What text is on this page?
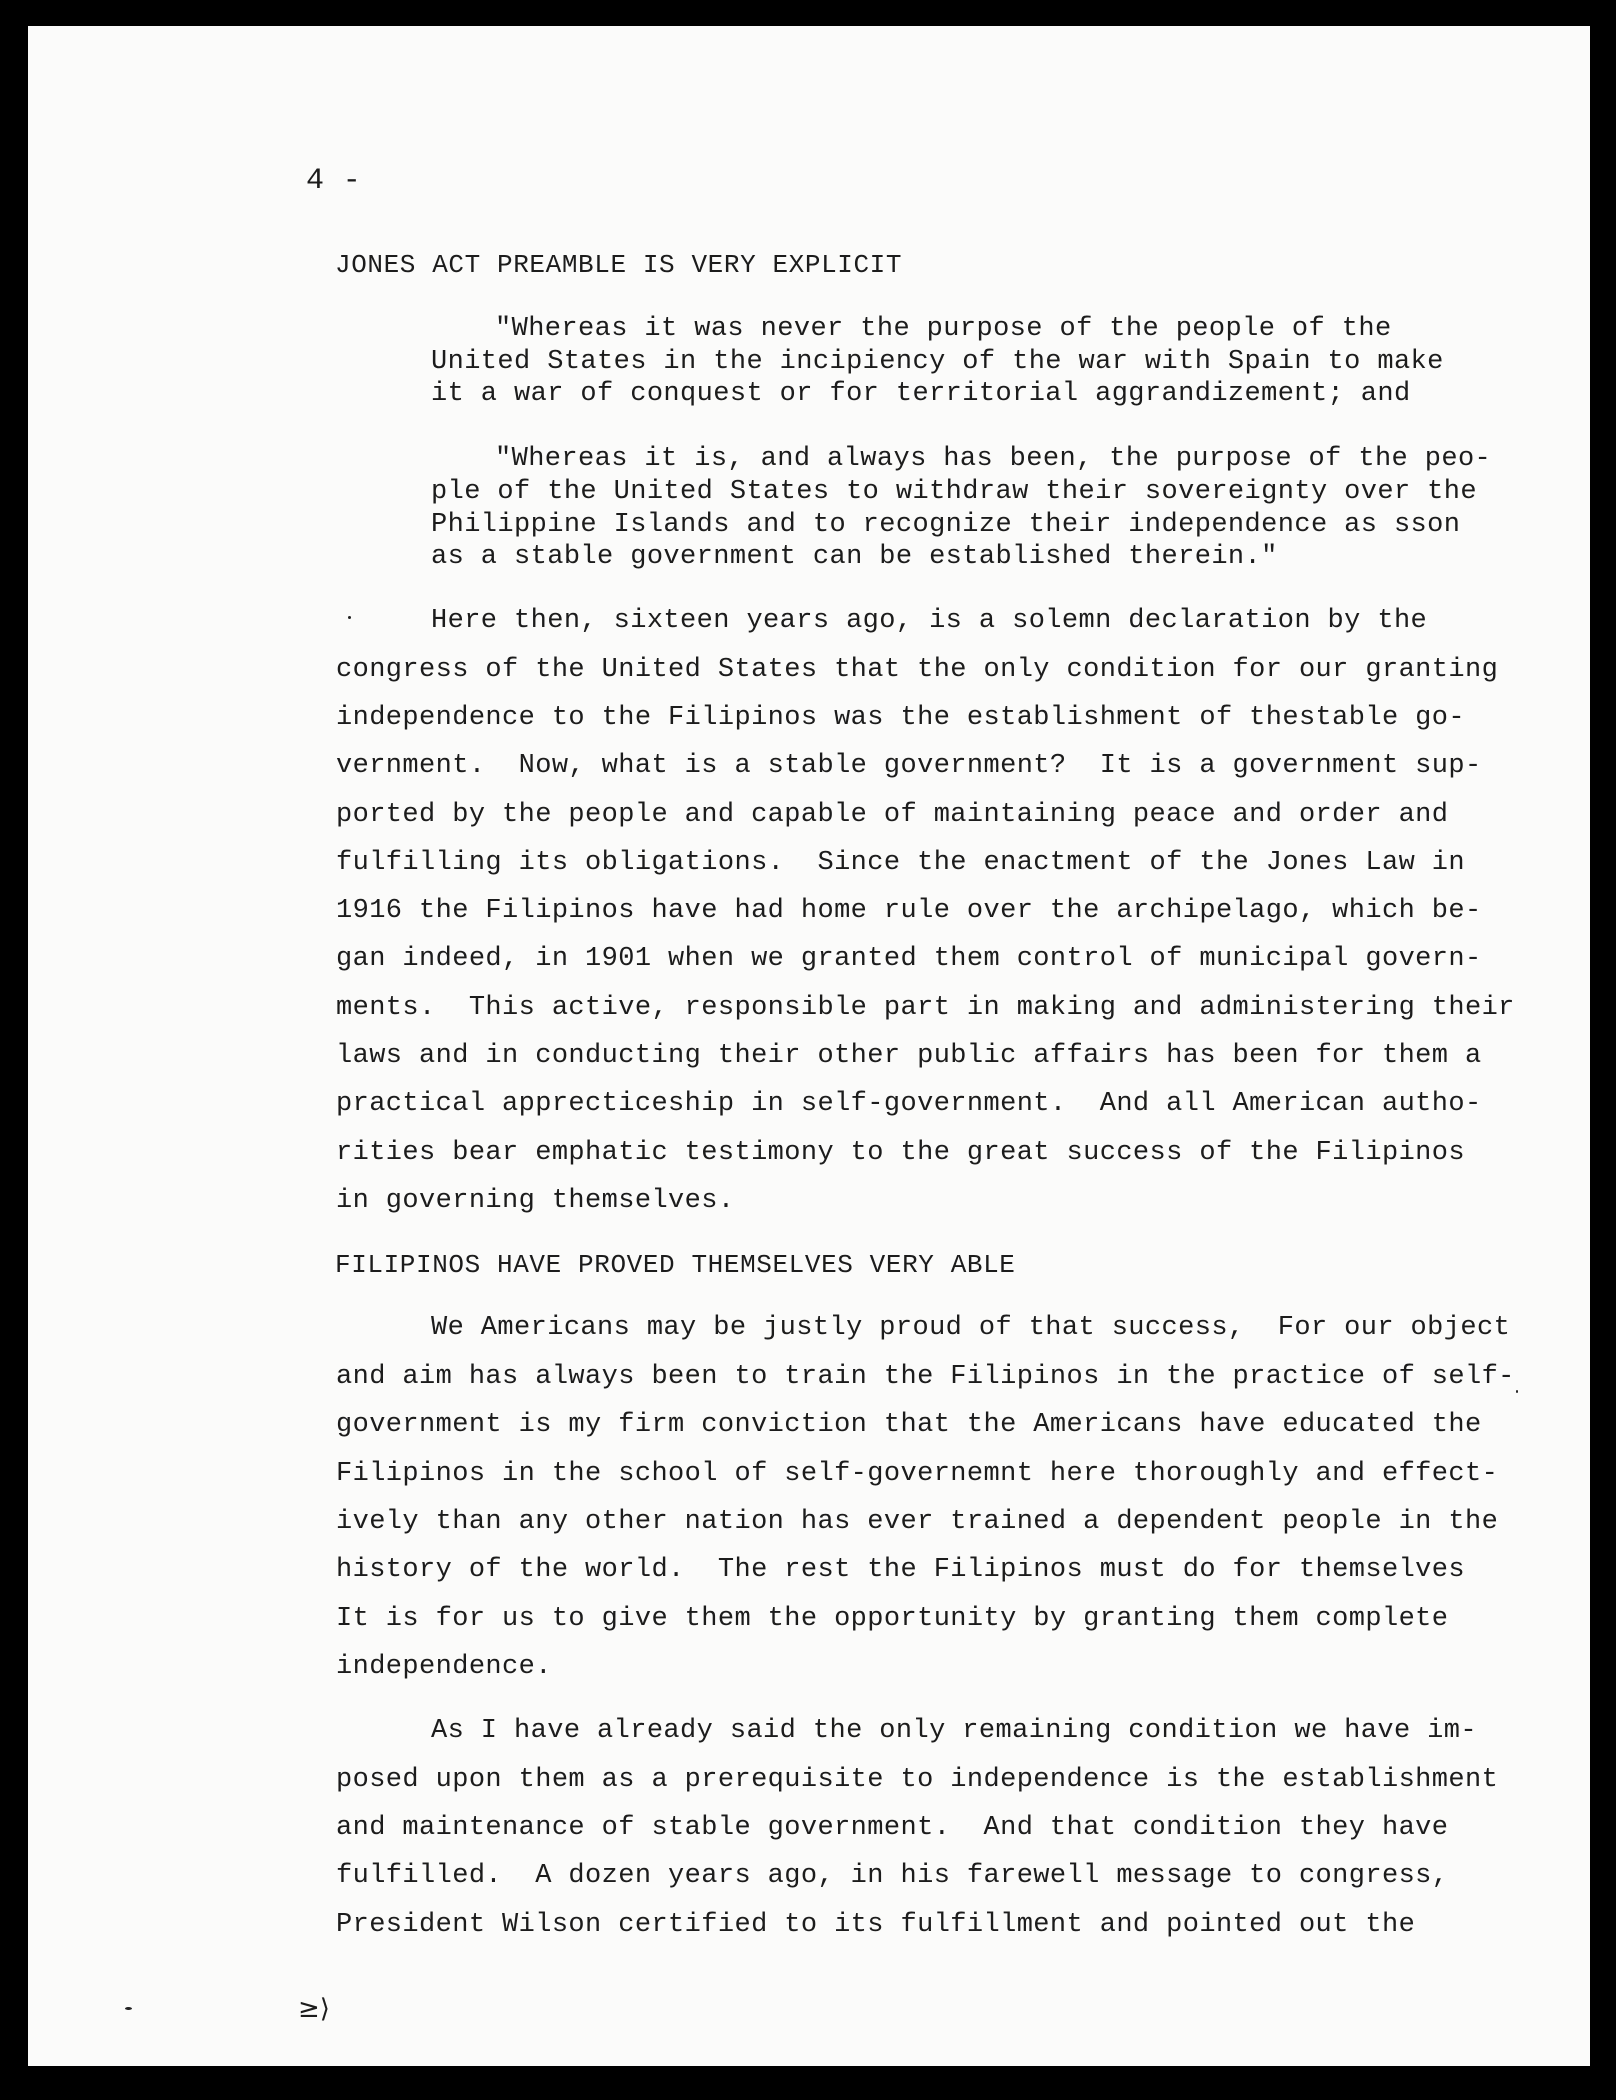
4 -
JONES ACT PREAMBLE IS VERY EXPLICIT
"Whereas it was never the purpose of the people of the
United States in the incipiency of the war with Spain to make
it a war of conquest or for territorial aggrandizement; and
"Whereas it is, and always has been, the purpose of the peo-
ple of the United States to withdraw their sovereignty over the
Philippine Islands and to recognize their independence as sson
as a stable government can be established therein."
Here then, sixteen years ago, is a solemn declaration by the
congress of the United States that the only condition for our granting
independence to the Filipinos was the establishment of thestable go-
vernment.  Now, what is a stable government?  It is a government sup-
ported by the people and capable of maintaining peace and order and
fulfilling its obligations.  Since the enactment of the Jones Law in
1916 the Filipinos have had home rule over the archipelago, which be-
gan indeed, in 1901 when we granted them control of municipal govern-
ments.  This active, responsible part in making and administering their
laws and in conducting their other public affairs has been for them a
practical apprecticeship in self-government.  And all American autho-
rities bear emphatic testimony to the great success of the Filipinos
in governing themselves.
FILIPINOS HAVE PROVED THEMSELVES VERY ABLE
We Americans may be justly proud of that success,  For our object
and aim has always been to train the Filipinos in the practice of self-
government is my firm conviction that the Americans have educated the
Filipinos in the school of self-governemnt here thoroughly and effect-
ively than any other nation has ever trained a dependent people in the
history of the world.  The rest the Filipinos must do for themselves
It is for us to give them the opportunity by granting them complete
independence.
As I have already said the only remaining condition we have im-
posed upon them as a prerequisite to independence is the establishment
and maintenance of stable government.  And that condition they have
fulfilled.  A dozen years ago, in his farewell message to congress,
President Wilson certified to its fulfillment and pointed out the
≥⟩
